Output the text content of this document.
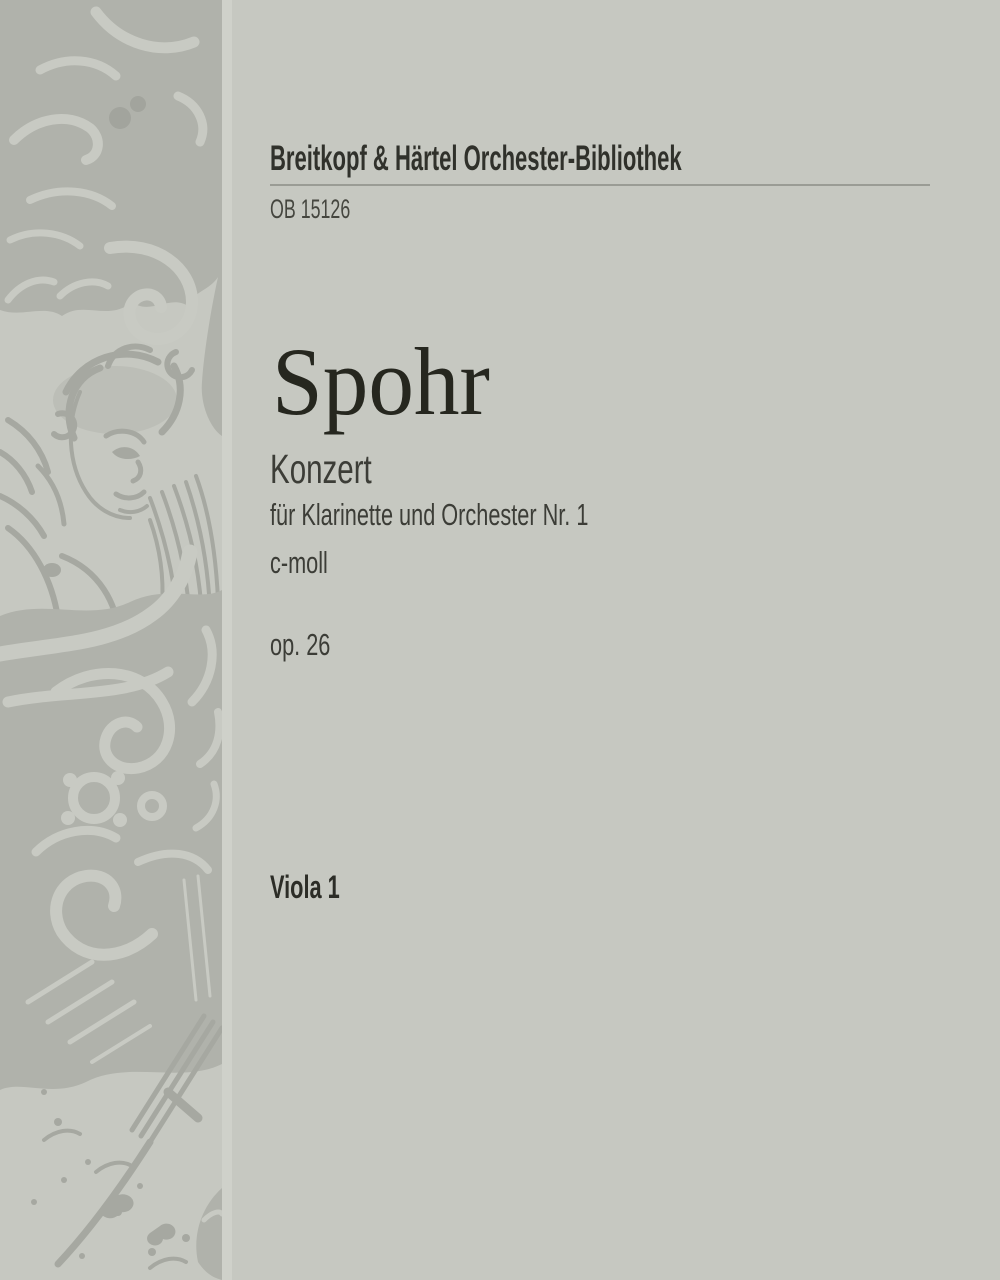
Breitkopf & Härtel Orchester-Bibliothek
OB 15126
Spohr
Konzert
für Klarinette und Orchester Nr. 1
c-moll
op. 26
Viola 1
